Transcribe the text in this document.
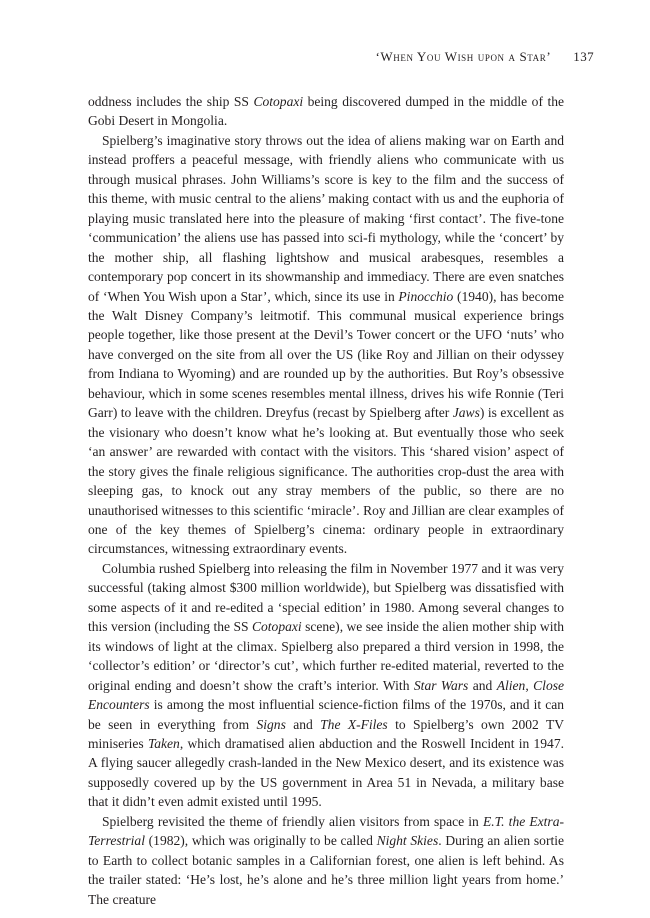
‘When You Wish upon a Star’ 137

oddness includes the ship SS Cotopaxi being discovered dumped in the middle of the Gobi Desert in Mongolia.

Spielberg’s imaginative story throws out the idea of aliens making war on Earth and instead proffers a peaceful message, with friendly aliens who communicate with us through musical phrases. John Williams’s score is key to the film and the success of this theme, with music central to the aliens’ making contact with us and the euphoria of playing music translated here into the pleasure of making ‘first contact’. The five-tone ‘communication’ the aliens use has passed into sci-fi mythology, while the ‘concert’ by the mother ship, all flashing lightshow and musical arabesques, resembles a contemporary pop concert in its showmanship and immediacy. There are even snatches of ‘When You Wish upon a Star’, which, since its use in Pinocchio (1940), has become the Walt Disney Company’s leitmotif. This communal musical experience brings people together, like those present at the Devil’s Tower concert or the UFO ‘nuts’ who have converged on the site from all over the US (like Roy and Jillian on their odyssey from Indiana to Wyoming) and are rounded up by the authorities. But Roy’s obsessive behaviour, which in some scenes resembles mental illness, drives his wife Ronnie (Teri Garr) to leave with the children. Dreyfus (recast by Spielberg after Jaws) is excellent as the visionary who doesn’t know what he’s looking at. But eventually those who seek ‘an answer’ are rewarded with contact with the visitors. This ‘shared vision’ aspect of the story gives the finale religious significance. The authorities crop-dust the area with sleeping gas, to knock out any stray members of the public, so there are no unauthorised witnesses to this scientific ‘miracle’. Roy and Jillian are clear examples of one of the key themes of Spielberg’s cinema: ordinary people in extraordinary circumstances, witnessing extraordinary events.

Columbia rushed Spielberg into releasing the film in November 1977 and it was very successful (taking almost $300 million worldwide), but Spielberg was dissatisfied with some aspects of it and re-edited a ‘special edition’ in 1980. Among several changes to this version (including the SS Cotopaxi scene), we see inside the alien mother ship with its windows of light at the climax. Spielberg also prepared a third version in 1998, the ‘collector’s edition’ or ‘director’s cut’, which further re-edited material, reverted to the original ending and doesn’t show the craft’s interior. With Star Wars and Alien, Close Encounters is among the most influential science-fiction films of the 1970s, and it can be seen in everything from Signs and The X-Files to Spielberg’s own 2002 TV miniseries Taken, which dramatised alien abduction and the Roswell Incident in 1947. A flying saucer allegedly crash-landed in the New Mexico desert, and its existence was supposedly covered up by the US government in Area 51 in Nevada, a military base that it didn’t even admit existed until 1995.

Spielberg revisited the theme of friendly alien visitors from space in E.T. the Extra-Terrestrial (1982), which was originally to be called Night Skies. During an alien sortie to Earth to collect botanic samples in a Californian forest, one alien is left behind. As the trailer stated: ‘He’s lost, he’s alone and he’s three million light years from home.’ The creature
